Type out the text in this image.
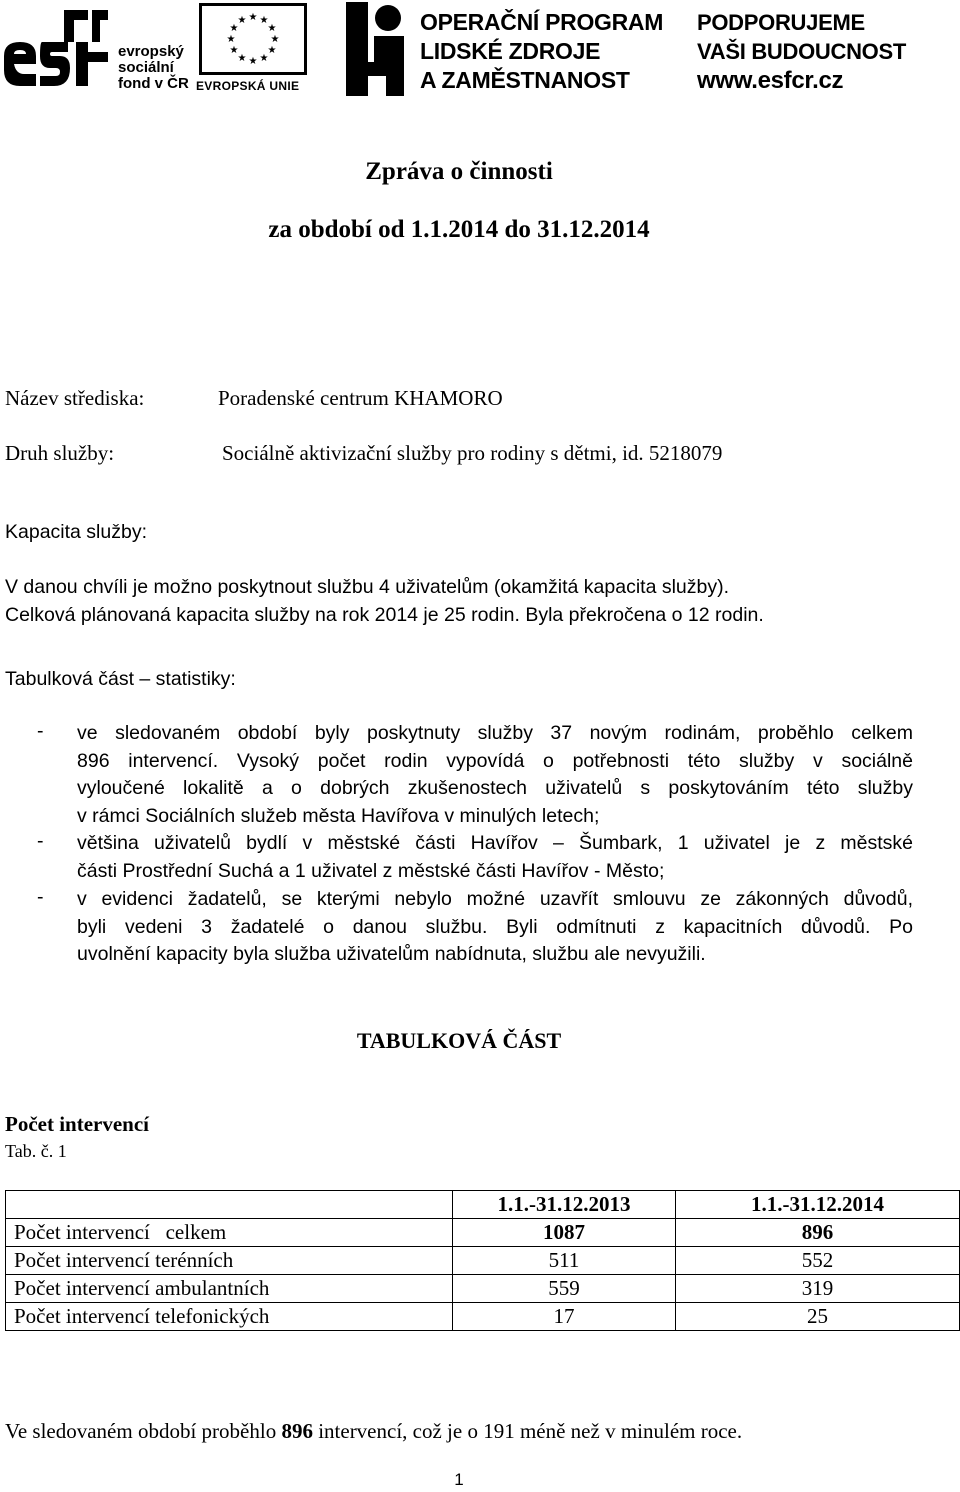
evropský
sociální
fond v ČR
★ ★
★
★
★
★
★
★
★
★
★
★
EVROPSKÁ UNIE
OPERAČNÍ PROGRAM
LIDSKÉ ZDROJE
A ZAMĚSTNANOST
PODPORUJEME
VAŠI BUDOUCNOST
www.esfcr.cz
Zpráva o činnosti
za období od 1.1.2014 do 31.12.2014
Název střediska:	Poradenské centrum KHAMORO
Druh služby:	Sociálně aktivizační služby pro rodiny s dětmi, id. 5218079
Kapacita služby:
V danou chvíli je možno poskytnout službu 4 uživatelům (okamžitá kapacita služby).
Celková plánovaná kapacita služby na rok 2014 je 25 rodin. Byla překročena o 12 rodin.
Tabulková část – statistiky:
- ve sledovaném období byly poskytnuty služby 37 novým rodinám, proběhlo celkem
896 intervencí. Vysoký počet rodin vypovídá o potřebnosti této služby v sociálně
vyloučené lokalitě a o dobrých zkušenostech uživatelů s poskytováním této služby
v rámci Sociálních služeb města Havířova v minulých letech;
- většina uživatelů bydlí v městské části Havířov – Šumbark, 1 uživatel je z městské
části Prostřední Suchá a 1 uživatel z městské části Havířov - Město;
- v evidenci žadatelů, se kterými nebylo možné uzavřít smlouvu ze zákonných důvodů,
byli vedeni 3 žadatelé o danou službu. Byli odmítnuti z kapacitních důvodů. Po
uvolnění kapacity byla služba uživatelům nabídnuta, službu ale nevyužili.
TABULKOVÁ ČÁST
Počet intervencí
Tab. č. 1
	1.1.-31.12.2013	1.1.-31.12.2014
Počet intervencí   celkem	1087	896
Počet intervencí terénních	511	552
Počet intervencí ambulantních	559	319
Počet intervencí telefonických	17	25
Ve sledovaném období proběhlo 896 intervencí, což je o 191 méně než v minulém roce.
1
